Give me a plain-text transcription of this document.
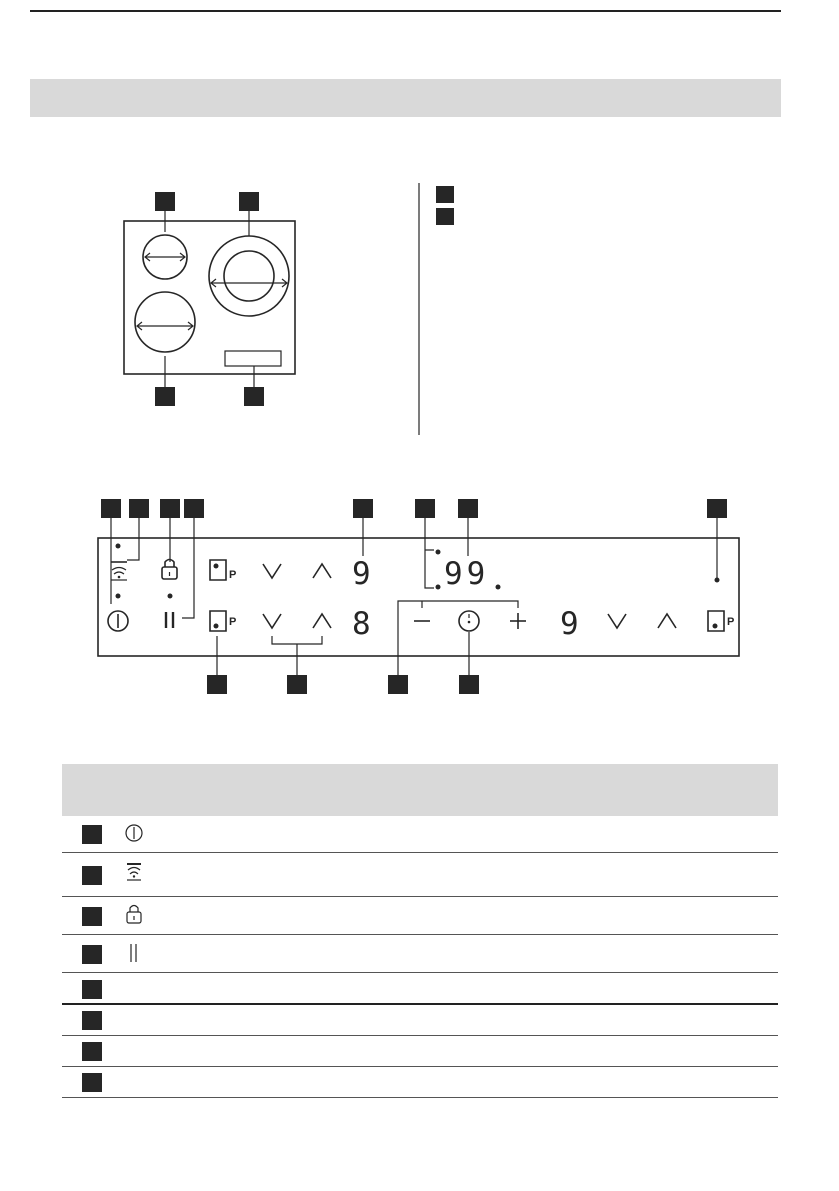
P
P	P
9
8	9
99
